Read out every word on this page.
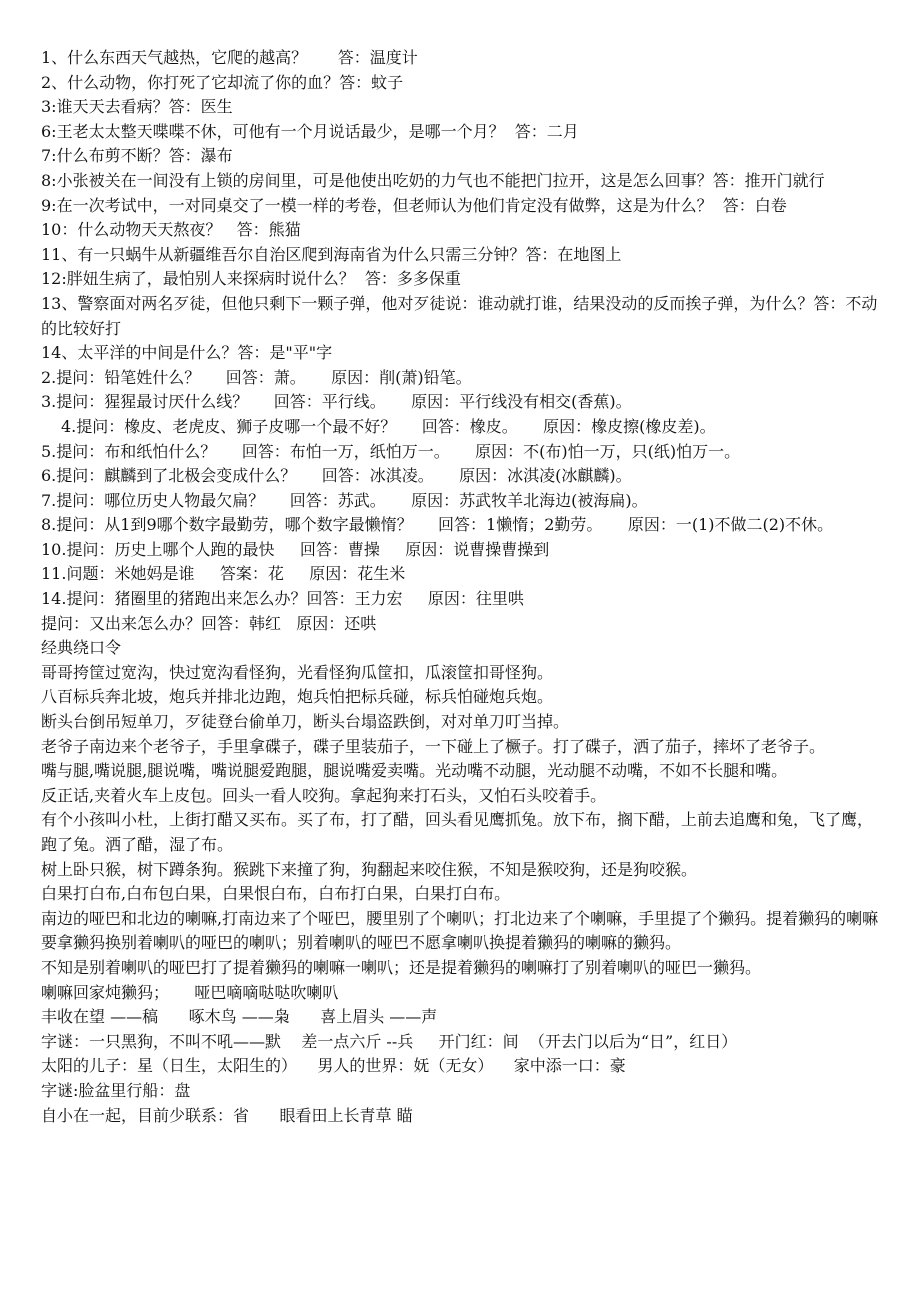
1、什么东西天气越热，它爬的越高？      答：温度计

2、什么动物，你打死了它却流了你的血？答：蚊子

3:谁天天去看病？答：医生

6:王老太太整天喋喋不休，可他有一个月说话最少，是哪一个月？  答：二月

7:什么布剪不断？答：瀑布

8:小张被关在一间没有上锁的房间里，可是他使出吃奶的力气也不能把门拉开，这是怎么回事？答：推开门就行

9:在一次考试中，一对同桌交了一模一样的考卷，但老师认为他们肯定没有做弊，这是为什么？  答：白卷

10：什么动物天天熬夜？   答：熊猫

11、有一只蜗牛从新疆维吾尔自治区爬到海南省为什么只需三分钟？答：在地图上

12:胖妞生病了，最怕别人来探病时说什么？  答：多多保重

13、警察面对两名歹徒，但他只剩下一颗子弹，他对歹徒说：谁动就打谁，结果没动的反而挨子弹，为什么？答：不动的比较好打

14、太平洋的中间是什么？答：是"平"字

2.提问：铅笔姓什么？     回答：萧。     原因：削(萧)铅笔。

3.提问：猩猩最讨厌什么线？     回答：平行线。     原因：平行线没有相交(香蕉)。

4.提问：橡皮、老虎皮、狮子皮哪一个最不好？     回答：橡皮。     原因：橡皮擦(橡皮差)。

5.提问：布和纸怕什么？     回答：布怕一万，纸怕万一。     原因：不(布)怕一万，只(纸)怕万一。

6.提问：麒麟到了北极会变成什么？     回答：冰淇凌。     原因：冰淇凌(冰麒麟)。

7.提问：哪位历史人物最欠扁？     回答：苏武。     原因：苏武牧羊北海边(被海扁)。

8.提问：从1到9哪个数字最勤劳，哪个数字最懒惰？     回答：1懒惰；2勤劳。     原因：一(1)不做二(2)不休。

10.提问：历史上哪个人跑的最快     回答：曹操     原因：说曹操曹操到

11.问题：米她妈是谁     答案：花     原因：花生米

14.提问：猪圈里的猪跑出来怎么办？回答：王力宏     原因：往里哄

提问：又出来怎么办？回答：韩红   原因：还哄

经典绕口令

哥哥挎筐过宽沟，快过宽沟看怪狗，光看怪狗瓜筐扣，瓜滚筐扣哥怪狗。

八百标兵奔北坡，炮兵并排北边跑，炮兵怕把标兵碰，标兵怕碰炮兵炮。

断头台倒吊短单刀，歹徒登台偷单刀，断头台塌盗跌倒，对对单刀叮当掉。

老爷子南边来个老爷子，手里拿碟子，碟子里装茄子，一下碰上了橛子。打了碟子，洒了茄子，摔坏了老爷子。

嘴与腿,嘴说腿,腿说嘴，嘴说腿爱跑腿，腿说嘴爱卖嘴。光动嘴不动腿，光动腿不动嘴，不如不长腿和嘴。

反正话,夹着火车上皮包。回头一看人咬狗。拿起狗来打石头，又怕石头咬着手。

有个小孩叫小杜，上街打醋又买布。买了布，打了醋，回头看见鹰抓兔。放下布，搁下醋，上前去追鹰和兔，飞了鹰，跑了兔。洒了醋，湿了布。

树上卧只猴，树下蹲条狗。猴跳下来撞了狗，狗翻起来咬住猴，不知是猴咬狗，还是狗咬猴。

白果打白布,白布包白果，白果恨白布，白布打白果，白果打白布。

南边的哑巴和北边的喇嘛,打南边来了个哑巴，腰里别了个喇叭；打北边来了个喇嘛，手里提了个獭犸。提着獭犸的喇嘛要拿獭犸换别着喇叭的哑巴的喇叭；别着喇叭的哑巴不愿拿喇叭换提着獭犸的喇嘛的獭犸。

不知是别着喇叭的哑巴打了提着獭犸的喇嘛一喇叭；还是提着獭犸的喇嘛打了别着喇叭的哑巴一獭犸。

喇嘛回家炖獭犸；     哑巴嘀嘀哒哒吹喇叭

丰收在望 ——稿      啄木鸟 ——枭      喜上眉头 ——声

字谜：一只黑狗，不叫不吼——默    差一点六斤 --兵     开门红：间  （开去门以后为“日”，红日）

太阳的儿子：星（日生，太阳生的）    男人的世界：妩（无女）    家中添一口：豪

字谜:脸盆里行船：盘

自小在一起，目前少联系：省      眼看田上长青草 瞄
